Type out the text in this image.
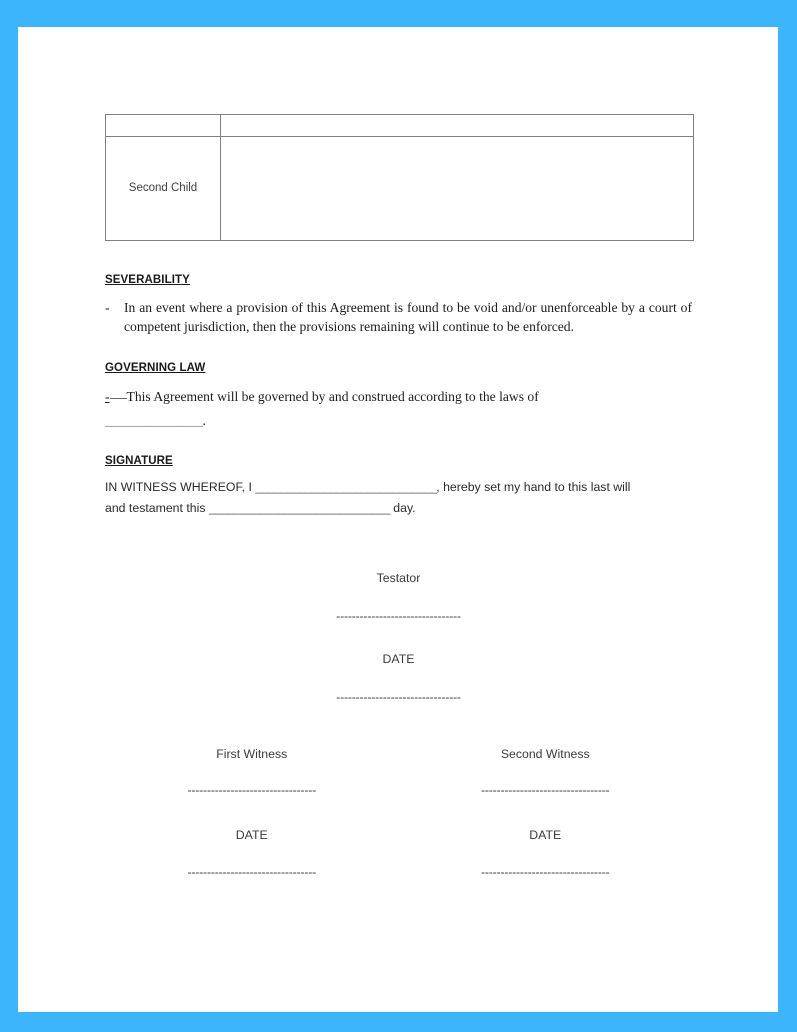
Second Child	

SEVERABILITY
-	In an event where a provision of this Agreement is found to be void and/or unenforceable by a court of competent jurisdiction, then the provisions remaining will continue to be enforced.
GOVERNING LAW
- This Agreement will be governed by and construed according to the laws of
_______________.
SIGNATURE
IN WITNESS WHEREOF, I _____________________________, hereby set my hand to this last will
and testament this _____________________________ day.
Testator
--------------------------------
DATE
--------------------------------
First Witness
---------------------------------
DATE
---------------------------------
Second Witness
---------------------------------
DATE
---------------------------------
